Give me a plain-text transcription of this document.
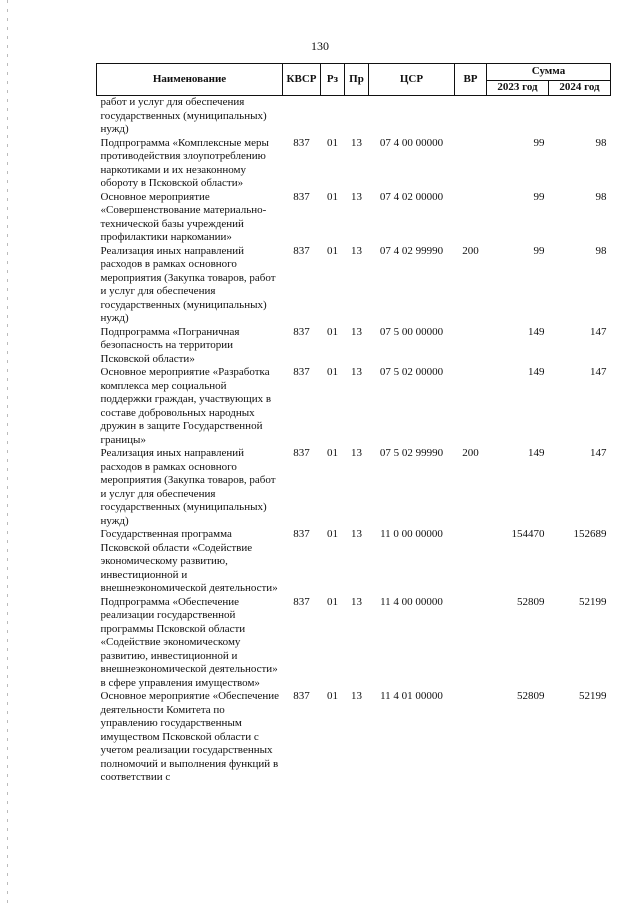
130
Наименование	КВСР	Рз	Пр	ЦСР	ВР	Сумма	
						2023 год	2024 год
работ и услуг для обеспечения государственных (муниципальных) нужд)							
Подпрограмма «Комплексные меры противодействия злоупотреблению наркотиками и их незаконному обороту в Псковской области»	837	01	13	07 4 00 00000		99	98
Основное мероприятие «Совершенствование материально-технической базы учреждений профилактики наркомании»	837	01	13	07 4 02 00000		99	98
Реализация иных направлений расходов в рамках основного мероприятия (Закупка товаров, работ и услуг для обеспечения государственных (муниципальных) нужд)	837	01	13	07 4 02 99990	200	99	98
Подпрограмма «Пограничная безопасность на территории Псковской области»	837	01	13	07 5 00 00000		149	147
Основное мероприятие «Разработка комплекса мер социальной поддержки граждан, участвующих в составе добровольных народных дружин в защите Государственной границы»	837	01	13	07 5 02 00000		149	147
Реализация иных направлений расходов в рамках основного мероприятия (Закупка товаров, работ и услуг для обеспечения государственных (муниципальных) нужд)	837	01	13	07 5 02 99990	200	149	147
Государственная программа Псковской области «Содействие экономическому развитию, инвестиционной и внешнеэкономической деятельности»	837	01	13	11 0 00 00000		154470	152689
Подпрограмма «Обеспечение реализации государственной программы Псковской области «Содействие экономическому развитию, инвестиционной и внешнеэкономической деятельности» в сфере управления имуществом»	837	01	13	11 4 00 00000		52809	52199
Основное мероприятие «Обеспечение деятельности Комитета по управлению государственным имуществом Псковской области с учетом реализации государственных полномочий и выполнения функций в соответствии с	837	01	13	11 4 01 00000		52809	52199
